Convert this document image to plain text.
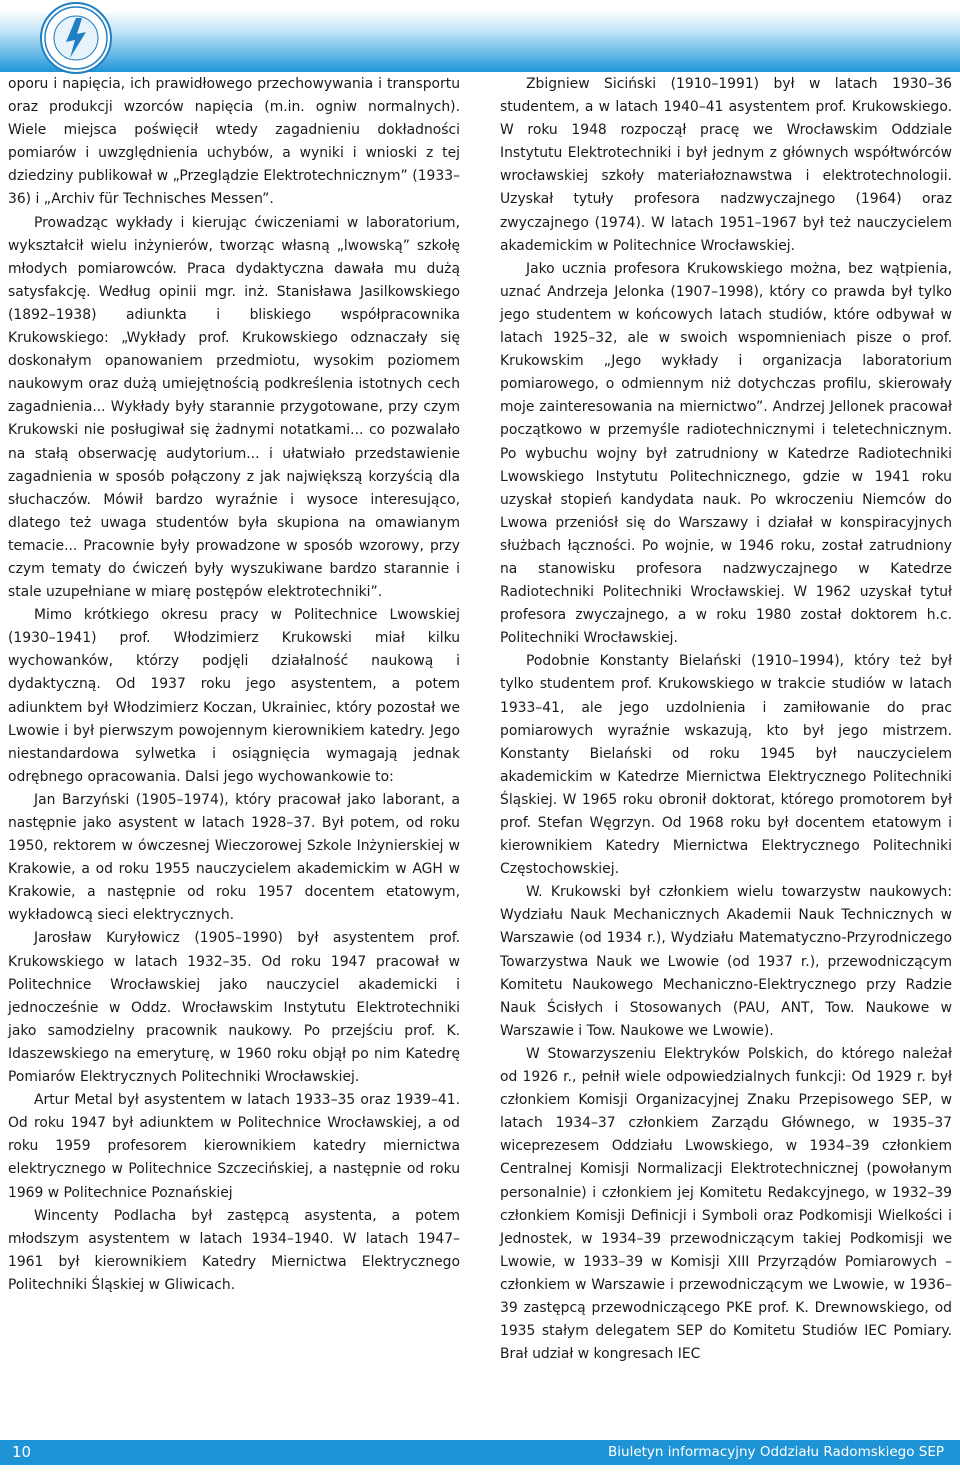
oporu i napięcia, ich prawidłowego przechowywania i transportu oraz produkcji wzorców napięcia (m.in. ogniw normalnych). Wiele miejsca poświęcił wtedy zagadnieniu dokładności pomiarów i uwzględnienia uchybów, a wyniki i wnioski z tej dziedziny publikował w „Przeglądzie Elektrotechnicznym” (1933–36) i „Archiv für Technisches Messen”.

Prowadząc wykłady i kierując ćwiczeniami w laboratorium, wykształcił wielu inżynierów, tworząc własną „lwowską” szkołę młodych pomiarowców. Praca dydaktyczna dawała mu dużą satysfakcję. Według opinii mgr. inż. Stanisława Jasilkowskiego (1892–1938) adiunkta i bliskiego współpracownika Krukowskiego: „Wykłady prof. Krukowskiego odznaczały się doskonałym opanowaniem przedmiotu, wysokim poziomem naukowym oraz dużą umiejętnością podkreślenia istotnych cech zagadnienia... Wykłady były starannie przygotowane, przy czym Krukowski nie posługiwał się żadnymi notatkami... co pozwalało na stałą obserwację audytorium... i ułatwiało przedstawienie zagadnienia w sposób połączony z jak największą korzyścią dla słuchaczów. Mówił bardzo wyraźnie i wysoce interesująco, dlatego też uwaga studentów była skupiona na omawianym temacie... Pracownie były prowadzone w sposób wzorowy, przy czym tematy do ćwiczeń były wyszukiwane bardzo starannie i stale uzupełniane w miarę postępów elektrotechniki”.

Mimo krótkiego okresu pracy w Politechnice Lwowskiej (1930–1941) prof. Włodzimierz Krukowski miał kilku wychowanków, którzy podjęli działalność naukową i dydaktyczną. Od 1937 roku jego asystentem, a potem adiunktem był Włodzimierz Koczan, Ukrainiec, który pozostał we Lwowie i był pierwszym powojennym kierownikiem katedry. Jego niestandardowa sylwetka i osiągnięcia wymagają jednak odrębnego opracowania. Dalsi jego wychowankowie to:

Jan Barzyński (1905–1974), który pracował jako laborant, a następnie jako asystent w latach 1928–37. Był potem, od roku 1950, rektorem w ówczesnej Wieczorowej Szkole Inżynierskiej w Krakowie, a od roku 1955 nauczycielem akademickim w AGH w Krakowie, a następnie od roku 1957 docentem etatowym, wykładowcą sieci elektrycznych.

Jarosław Kuryłowicz (1905–1990) był asystentem prof. Krukowskiego w latach 1932–35. Od roku 1947 pracował w Politechnice Wrocławskiej jako nauczyciel akademicki i jednocześnie w Oddz. Wrocławskim Instytutu Elektrotechniki jako samodzielny pracownik naukowy. Po przejściu prof. K. Idaszewskiego na emeryturę, w 1960 roku objął po nim Katedrę Pomiarów Elektrycznych Politechniki Wrocławskiej.

Artur Metal był asystentem w latach 1933–35 oraz 1939–41. Od roku 1947 był adiunktem w Politechnice Wrocławskiej, a od roku 1959 profesorem kierownikiem katedry miernictwa elektrycznego w Politechnice Szczecińskiej, a następnie od roku 1969 w Politechnice Poznańskiej

Wincenty Podlacha był zastępcą asystenta, a potem młodszym asystentem w latach 1934–1940. W latach 1947–1961 był kierownikiem Katedry Miernictwa Elektrycznego Politechniki Śląskiej w Gliwicach.

Zbigniew Siciński (1910–1991) był w latach 1930–36 studentem, a w latach 1940–41 asystentem prof. Krukowskiego. W roku 1948 rozpoczął pracę we Wrocławskim Oddziale Instytutu Elektrotechniki i był jednym z głównych współtwórców wrocławskiej szkoły materiałoznawstwa i elektrotechnologii. Uzyskał tytuły profesora nadzwyczajnego (1964) oraz zwyczajnego (1974). W latach 1951–1967 był też nauczycielem akademickim w Politechnice Wrocławskiej.

Jako ucznia profesora Krukowskiego można, bez wątpienia, uznać Andrzeja Jelonka (1907–1998), który co prawda był tylko jego studentem w końcowych latach studiów, które odbywał w latach 1925–32, ale w swoich wspomnieniach pisze o prof. Krukowskim „Jego wykłady i organizacja laboratorium pomiarowego, o odmiennym niż dotychczas profilu, skierowały moje zainteresowania na miernictwo”. Andrzej Jellonek pracował początkowo w przemyśle radiotechnicznymi i teletechnicznym. Po wybuchu wojny był zatrudniony w Katedrze Radiotechniki Lwowskiego Instytutu Politechnicznego, gdzie w 1941 roku uzyskał stopień kandydata nauk. Po wkroczeniu Niemców do Lwowa przeniósł się do Warszawy i działał w konspiracyjnych służbach łączności. Po wojnie, w 1946 roku, został zatrudniony na stanowisku profesora nadzwyczajnego w Katedrze Radiotechniki Politechniki Wrocławskiej. W 1962 uzyskał tytuł profesora zwyczajnego, a w roku 1980 został doktorem h.c. Politechniki Wrocławskiej.

Podobnie Konstanty Bielański (1910–1994), który też był tylko studentem prof. Krukowskiego w trakcie studiów w latach 1933–41, ale jego uzdolnienia i zamiłowanie do prac pomiarowych wyraźnie wskazują, kto był jego mistrzem. Konstanty Bielański od roku 1945 był nauczycielem akademickim w Katedrze Miernictwa Elektrycznego Politechniki Śląskiej. W 1965 roku obronił doktorat, którego promotorem był prof. Stefan Węgrzyn. Od 1968 roku był docentem etatowym i kierownikiem Katedry Miernictwa Elektrycznego Politechniki Częstochowskiej.

W. Krukowski był członkiem wielu towarzystw naukowych: Wydziału Nauk Mechanicznych Akademii Nauk Technicznych w Warszawie (od 1934 r.), Wydziału Matematyczno-Przyrodniczego Towarzystwa Nauk we Lwowie (od 1937 r.), przewodniczącym Komitetu Naukowego Mechaniczno-Elektrycznego przy Radzie Nauk Ścisłych i Stosowanych (PAU, ANT, Tow. Naukowe w Warszawie i Tow. Naukowe we Lwowie).

W Stowarzyszeniu Elektryków Polskich, do którego należał od 1926 r., pełnił wiele odpowiedzialnych funkcji: Od 1929 r. był członkiem Komisji Organizacyjnej Znaku Przepisowego SEP, w latach 1934–37 członkiem Zarządu Głównego, w 1935–37 wiceprezesem Oddziału Lwowskiego, w 1934–39 członkiem Centralnej Komisji Normalizacji Elektrotechnicznej (powołanym personalnie) i członkiem jej Komitetu Redakcyjnego, w 1932–39 członkiem Komisji Definicji i Symboli oraz Podkomisji Wielkości i Jednostek, w 1934–39 przewodniczącym takiej Podkomisji we Lwowie, w 1933–39 w Komisji XIII Przyrządów Pomiarowych – członkiem w Warszawie i przewodniczącym we Lwowie, w 1936–39 zastępcą przewodniczącego PKE prof. K. Drewnowskiego, od 1935 stałym delegatem SEP do Komitetu Studiów IEC Pomiary. Brał udział w kongresach IEC

10	Biuletyn informacyjny Oddziału Radomskiego SEP
